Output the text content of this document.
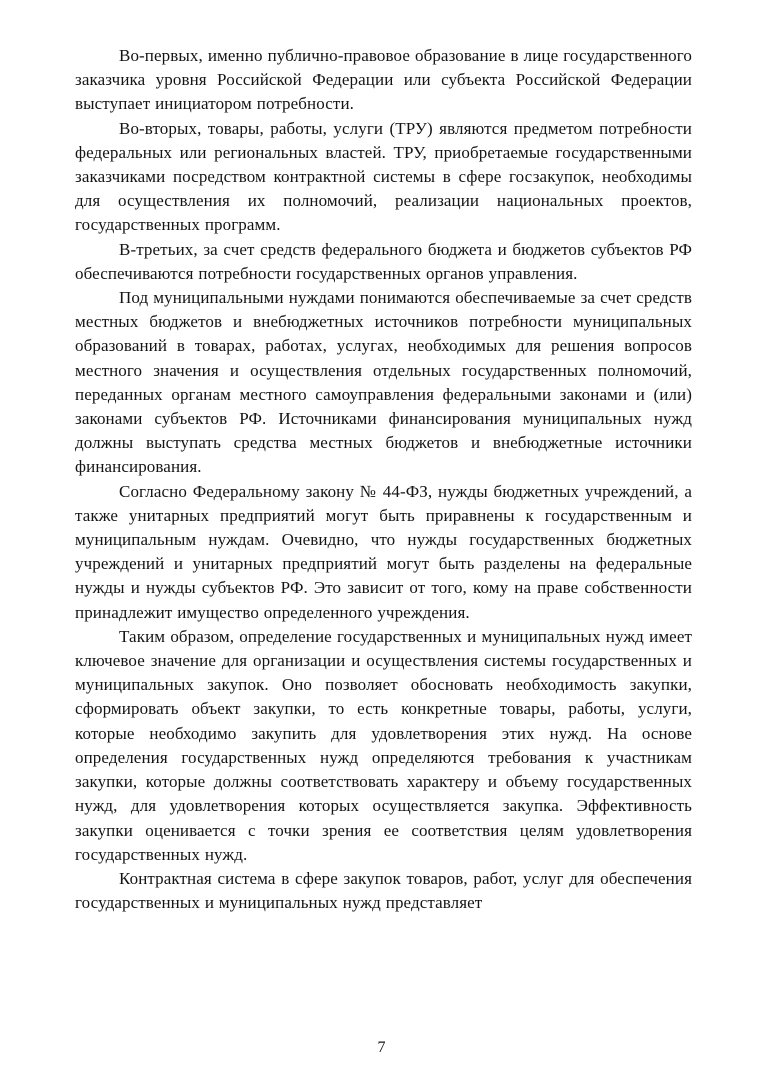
Во-первых, именно публично-правовое образование в лице государственного заказчика уровня Российской Федерации или субъекта Российской Федерации выступает инициатором потребности.

Во-вторых, товары, работы, услуги (ТРУ) являются предметом потребности федеральных или региональных властей. ТРУ, приобретаемые государственными заказчиками посредством контрактной системы в сфере госзакупок, необходимы для осуществления их полномочий, реализации национальных проектов, государственных программ.

В-третьих, за счет средств федерального бюджета и бюджетов субъектов РФ обеспечиваются потребности государственных органов управления.

Под муниципальными нуждами понимаются обеспечиваемые за счет средств местных бюджетов и внебюджетных источников потребности муниципальных образований в товарах, работах, услугах, необходимых для решения вопросов местного значения и осуществления отдельных государственных полномочий, переданных органам местного самоуправления федеральными законами и (или) законами субъектов РФ. Источниками финансирования муниципальных нужд должны выступать средства местных бюджетов и внебюджетные источники финансирования.

Согласно Федеральному закону № 44-ФЗ, нужды бюджетных учреждений, а также унитарных предприятий могут быть приравнены к государственным и муниципальным нуждам. Очевидно, что нужды государственных бюджетных учреждений и унитарных предприятий могут быть разделены на федеральные нужды и нужды субъектов РФ. Это зависит от того, кому на праве собственности принадлежит имущество определенного учреждения.

Таким образом, определение государственных и муниципальных нужд имеет ключевое значение для организации и осуществления системы государственных и муниципальных закупок. Оно позволяет обосновать необходимость закупки, сформировать объект закупки, то есть конкретные товары, работы, услуги, которые необходимо закупить для удовлетворения этих нужд. На основе определения государственных нужд определяются требования к участникам закупки, которые должны соответствовать характеру и объему государственных нужд, для удовлетворения которых осуществляется закупка. Эффективность закупки оценивается с точки зрения ее соответствия целям удовлетворения государственных нужд.

Контрактная система в сфере закупок товаров, работ, услуг для обеспечения государственных и муниципальных нужд представляет

7
